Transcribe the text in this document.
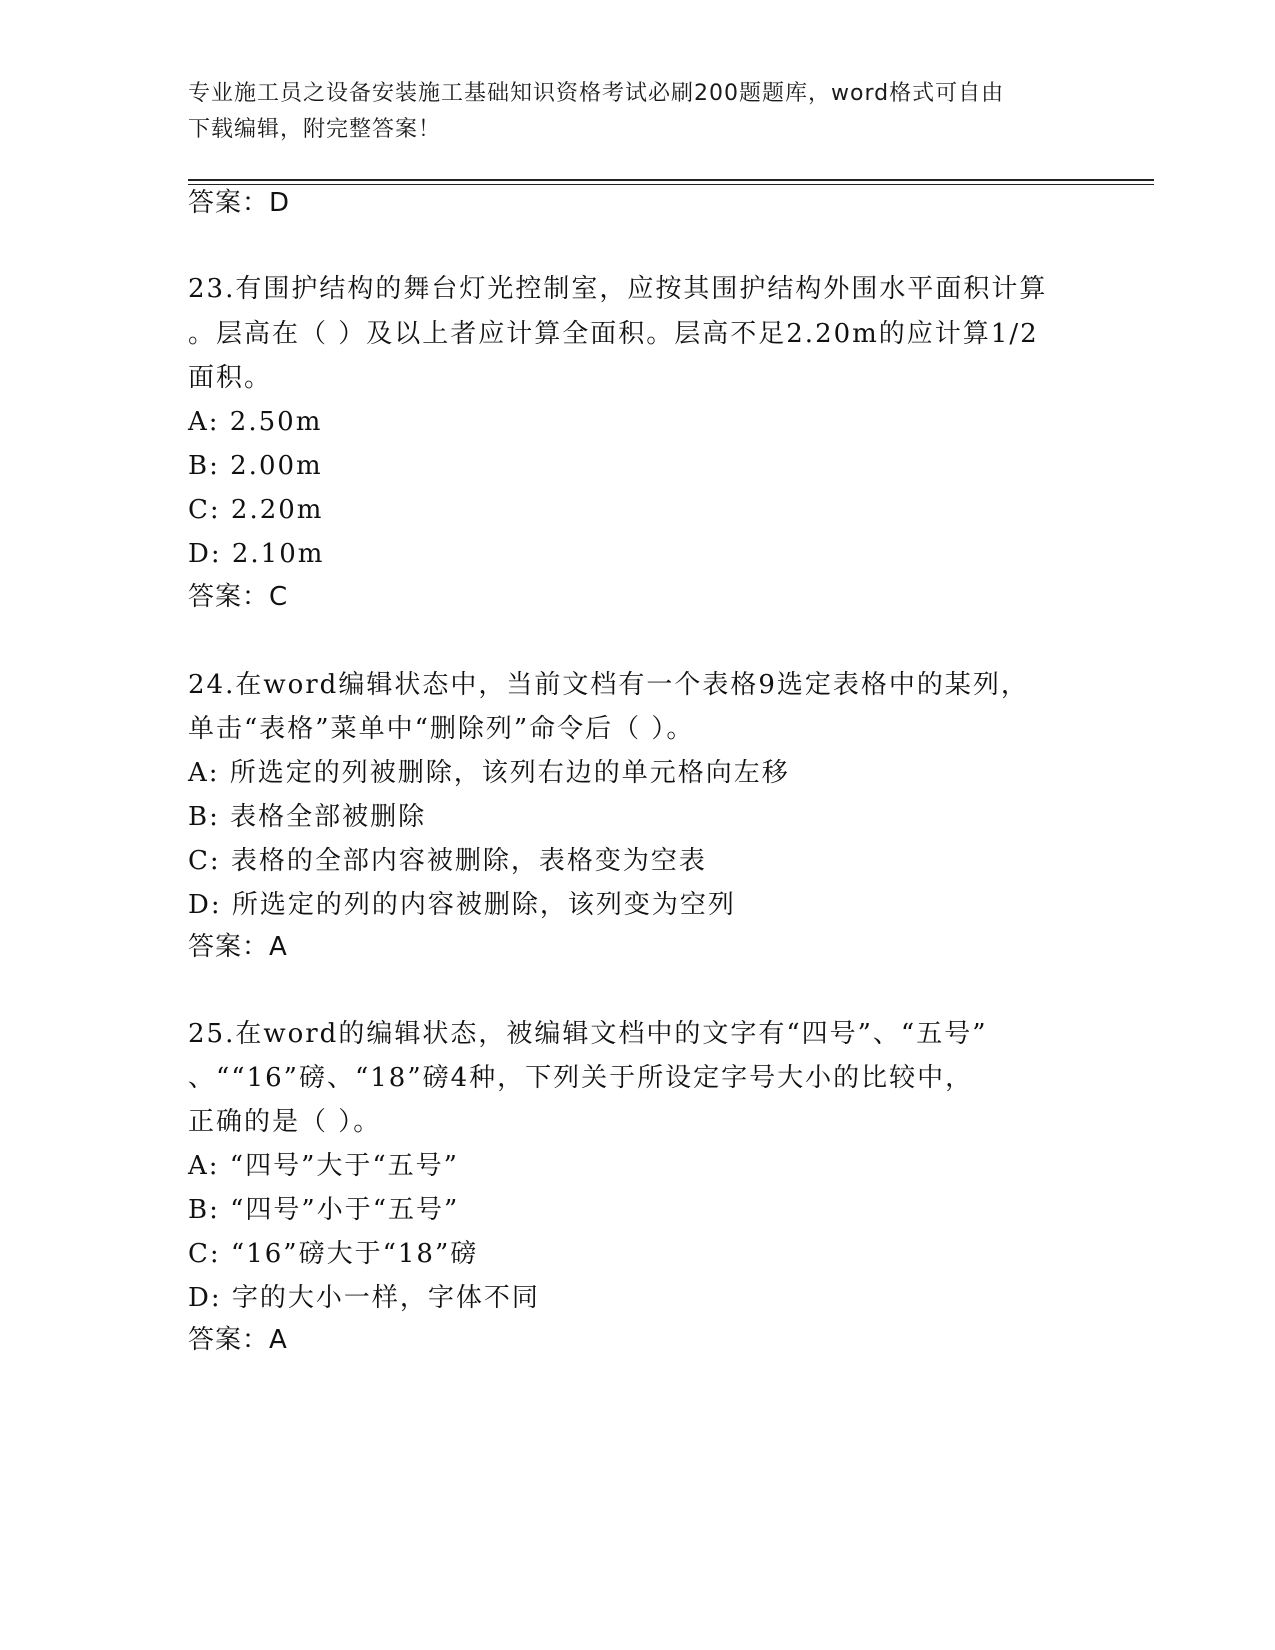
专业施工员之设备安装施工基础知识资格考试必刷200题题库，word格式可自由
下载编辑，附完整答案！
答案：D
23.有围护结构的舞台灯光控制室，应按其围护结构外围水平面积计算
。层高在（ ）及以上者应计算全面积。层高不足2.20m的应计算1/2
面积。
A: 2.50m
B: 2.00m
C: 2.20m
D: 2.10m
答案：C
24.在word编辑状态中，当前文档有一个表格9选定表格中的某列，
单击“表格”菜单中“删除列”命令后（ ）。
A: 所选定的列被删除，该列右边的单元格向左移
B: 表格全部被删除
C: 表格的全部内容被删除，表格变为空表
D: 所选定的列的内容被删除，该列变为空列
答案：A
25.在word的编辑状态，被编辑文档中的文字有“四号”、“五号”
、““16”磅、“18”磅4种，下列关于所设定字号大小的比较中，
正确的是（ ）。
A: “四号”大于“五号”
B: “四号”小于“五号”
C: “16”磅大于“18”磅
D: 字的大小一样，字体不同
答案：A
